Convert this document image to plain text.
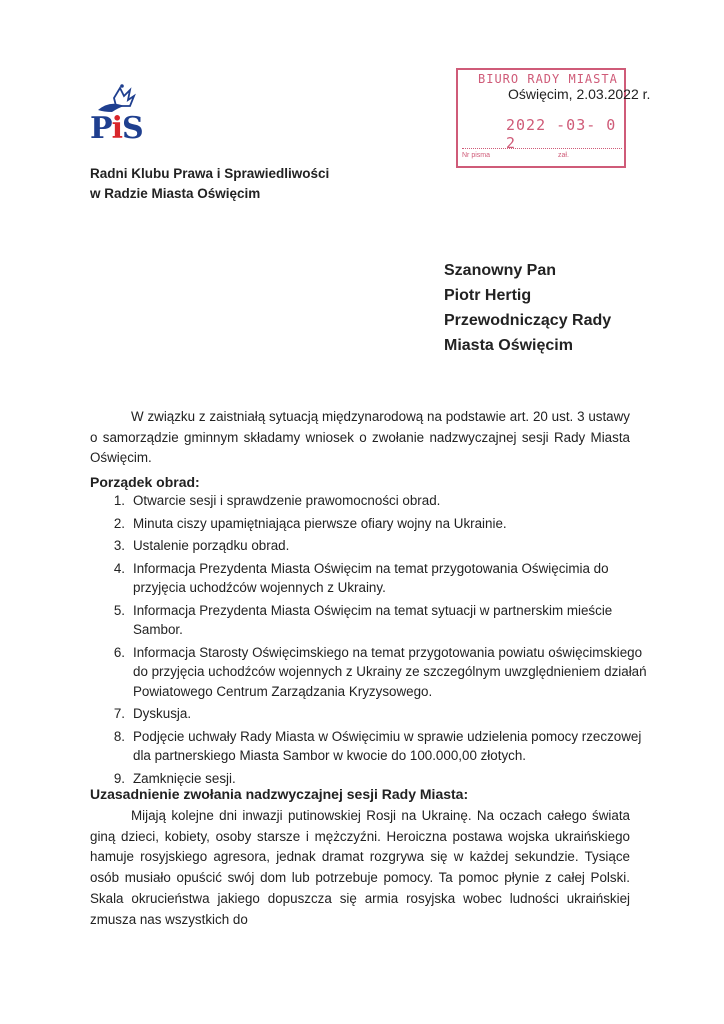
PiS
Radni Klubu Prawa i Sprawiedliwości
w Radzie Miasta Oświęcim
BIURO RADY MIASTA
2022 -03- 0 2
Nr pisma	zał.
Oświęcim, 2.03.2022 r.
Szanowny Pan
Piotr Hertig
Przewodniczący Rady
Miasta Oświęcim
W związku z zaistniałą sytuacją międzynarodową na podstawie art. 20 ust. 3 ustawy o samorządzie gminnym składamy wniosek o zwołanie nadzwyczajnej sesji Rady Miasta Oświęcim.
Porządek obrad:
1. Otwarcie sesji i sprawdzenie prawomocności obrad.
2. Minuta ciszy upamiętniająca pierwsze ofiary wojny na Ukrainie.
3. Ustalenie porządku obrad.
4. Informacja Prezydenta Miasta Oświęcim na temat przygotowania Oświęcimia do przyjęcia uchodźców wojennych z Ukrainy.
5. Informacja Prezydenta Miasta Oświęcim na temat sytuacji w partnerskim mieście Sambor.
6. Informacja Starosty Oświęcimskiego na temat przygotowania powiatu oświęcimskiego do przyjęcia uchodźców wojennych z Ukrainy ze szczególnym uwzględnieniem działań Powiatowego Centrum Zarządzania Kryzysowego.
7. Dyskusja.
8. Podjęcie uchwały Rady Miasta w Oświęcimiu w sprawie udzielenia pomocy rzeczowej dla partnerskiego Miasta Sambor w kwocie do 100.000,00 złotych.
9. Zamknięcie sesji.
Uzasadnienie zwołania nadzwyczajnej sesji Rady Miasta:
Mijają kolejne dni inwazji putinowskiej Rosji na Ukrainę. Na oczach całego świata giną dzieci, kobiety, osoby starsze i mężczyźni. Heroiczna postawa wojska ukraińskiego hamuje rosyjskiego agresora, jednak dramat rozgrywa się w każdej sekundzie. Tysiące osób musiało opuścić swój dom lub potrzebuje pomocy. Ta pomoc płynie z całej Polski. Skala okrucieństwa jakiego dopuszcza się armia rosyjska wobec ludności ukraińskiej zmusza nas wszystkich do
